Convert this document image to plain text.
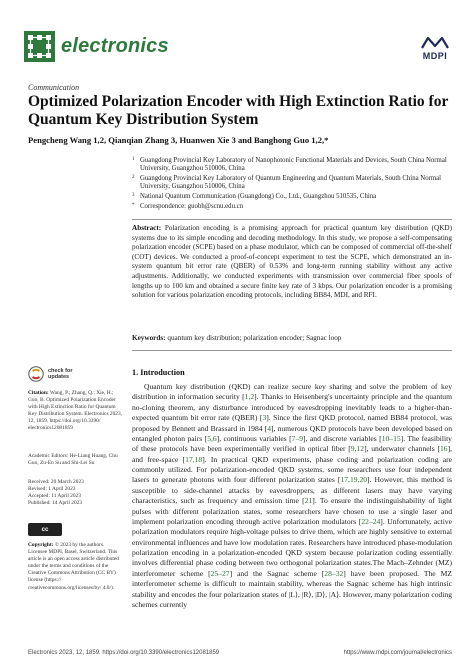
electronics	MDPI
Communication
Optimized Polarization Encoder with High Extinction Ratio for Quantum Key Distribution System
Pengcheng Wang 1,2, Qianqian Zhang 3, Huanwen Xie 3 and Banghong Guo 1,2,*
1 Guangdong Provincial Key Laboratory of Nanophotonic Functional Materials and Devices, South China Normal University, Guangzhou 510006, China
2 Guangdong Provincial Key Laboratory of Quantum Engineering and Quantum Materials, South China Normal University, Guangzhou 510006, China
3 National Quantum Communication (Guangdong) Co., Ltd., Guangzhou 510535, China
* Correspondence: guobh@scnu.edu.cn
Abstract: Polarization encoding is a promising approach for practical quantum key distribution (QKD) systems due to its simple encoding and decoding methodology. In this study, we propose a self-compensating polarization encoder (SCPE) based on a phase modulator, which can be composed of commercial off-the-shelf (COT) devices. We conducted a proof-of-concept experiment to test the SCPE, which demonstrated an in-system quantum bit error rate (QBER) of 0.53% and long-term running stability without any active adjustments. Additionally, we conducted experiments with transmission over commercial fiber spools of lengths up to 100 km and obtained a secure finite key rate of 3 kbps. Our polarization encoder is a promising solution for various polarization encoding protocols, including BB84, MDI, and RFI.
Keywords: quantum key distribution; polarization encoder; Sagnac loop
check for
updates
Citation: Wang, P.; Zhang, Q.; Xie, H.; Guo, B. Optimized Polarization Encoder with High Extinction Ratio for Quantum Key Distribution System. Electronics 2023, 12, 1859. https://doi.org/10.3390/ electronics12081859
Academic Editors: He-Liang Huang, Chu Guo, Zu-En Su and Shi-Lei Su
Received: 20 March 2023
Revised: 1 April 2023
Accepted: 11 April 2023
Published: 14 April 2023
cc
Copyright: © 2023 by the authors. Licensee MDPI, Basel, Switzerland. This article is an open access article distributed under the terms and conditions of the Creative Commons Attribution (CC BY) license (https:// creativecommons.org/licenses/by/ 4.0/).
1. Introduction
Quantum key distribution (QKD) can realize secure key sharing and solve the problem of key distribution in information security [1,2]. Thanks to Heisenberg's uncertainty principle and the quantum no-cloning theorem, any disturbance introduced by eavesdropping inevitably leads to a higher-than-expected quantum bit error rate (QBER) [3]. Since the first QKD protocol, named BB84 protocol, was proposed by Bennett and Brassard in 1984 [4], numerous QKD protocols have been developed based on entangled photon pairs [5,6], continuous variables [7–9], and discrete variables [10–15]. The feasibility of these protocols have been experimentally verified in optical fiber [9,12], underwater channels [16], and free-space [17,18]. In practical QKD experiments, phase coding and polarization coding are commonly utilized. For polarization-encoded QKD systems, some researchers use four independent lasers to generate photons with four different polarization states [17,19,20]. However, this method is susceptible to side-channel attacks by eavesdroppers, as different lasers may have varying characteristics, such as frequency and emission time [21]. To ensure the indistinguishability of light pulses with different polarization states, some researchers have chosen to use a single laser and implement polarization encoding through active polarization modulators [22–24]. Unfortunately, active polarization modulators require high-voltage pulses to drive them, which are highly sensitive to external environmental influences and have low modulation rates. Researchers have introduced phase-modulation polarization encoding in a polarization-encoded QKD system because polarization coding essentially involves differential phase coding between two orthogonal polarization states.The Mach–Zehnder (MZ) interferometer scheme [25–27] and the Sagnac scheme [28–32] have been proposed. The MZ interferometer scheme is difficult to maintain stability, whereas the Sagnac scheme has high intrinsic stability and encodes the four polarization states of |L⟩, |R⟩, |D⟩, |A⟩. However, many polarization coding schemes currently
Electronics 2023, 12, 1859. https://doi.org/10.3390/electronics12081859	https://www.mdpi.com/journal/electronics
